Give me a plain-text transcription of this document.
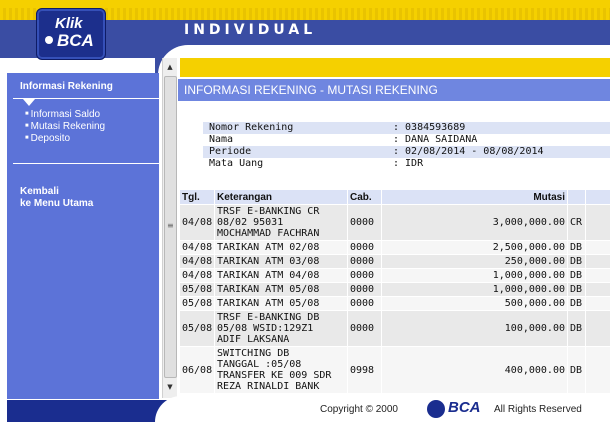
INDIVIDUAL
Klik
BCA
▲
≡
▼
Informasi Rekening
■ Informasi Saldo
■ Mutasi Rekening
■ Deposito
Kembali
ke Menu Utama
INFORMASI REKENING - MUTASI REKENING
Nomor Rekening	: 0384593689
Nama	: DANA SAIDANA
Periode	: 02/08/2014 - 08/08/2014
Mata Uang	: IDR
Tgl.	Keterangan	Cab.	Mutasi		
04/08	TRSF E-BANKING CR
08/02 95031
MOCHAMMAD FACHRAN	0000	3,000,000.00	CR	
04/08	TARIKAN ATM 02/08	0000	2,500,000.00	DB	
04/08	TARIKAN ATM 03/08	0000	250,000.00	DB	
04/08	TARIKAN ATM 04/08	0000	1,000,000.00	DB	
05/08	TARIKAN ATM 05/08	0000	1,000,000.00	DB	
05/08	TARIKAN ATM 05/08	0000	500,000.00	DB	
05/08	TRSF E-BANKING DB
05/08 WSID:129Z1
ADIF LAKSANA	0000	100,000.00	DB	
06/08	SWITCHING DB
TANGGAL :05/08
TRANSFER KE 009 SDR
REZA RINALDI BANK	0998	400,000.00	DB	
Copyright © 2000	BCA All Rights Reserved
